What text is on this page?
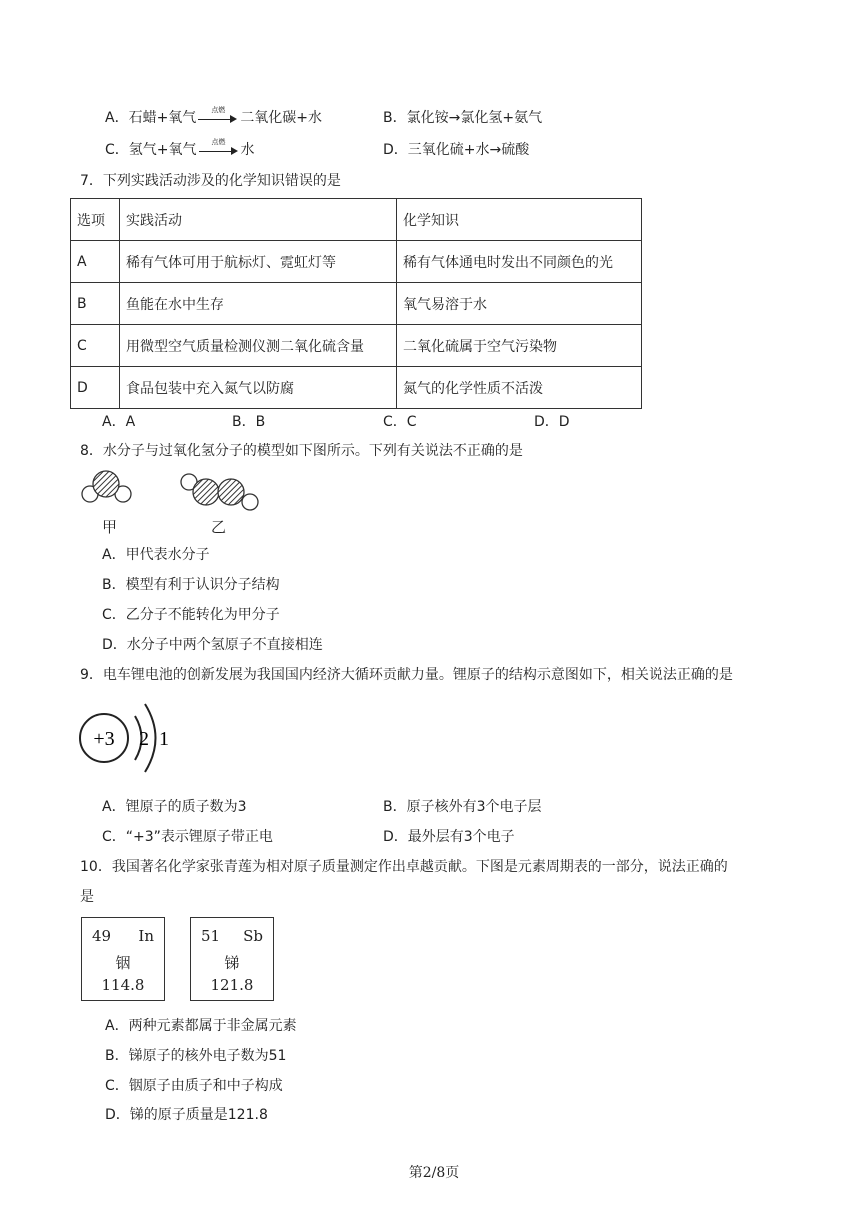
A．石蜡+氧气	点燃	二氧化碳+水	B．氯化铵→氯化氢+氨气
C．氢气+氧气	点燃	水	D．三氧化硫+水→硫酸
7．下列实践活动涉及的化学知识错误的是
选项	实践活动	化学知识
A	稀有气体可用于航标灯、霓虹灯等	稀有气体通电时发出不同颜色的光
B	鱼能在水中生存	氧气易溶于水
C	用微型空气质量检测仪测二氧化硫含量	二氧化硫属于空气污染物
D	食品包装中充入氮气以防腐	氮气的化学性质不活泼
A．A	B．B	C．C	D．D
8．水分子与过氧化氢分子的模型如下图所示。下列有关说法不正确的是
甲	乙
A．甲代表水分子
B．模型有利于认识分子结构
C．乙分子不能转化为甲分子
D．水分子中两个氢原子不直接相连
9．电车锂电池的创新发展为我国国内经济大循环贡献力量。锂原子的结构示意图如下，相关说法正确的是
+3 2 1
A．锂原子的质子数为3	B．原子核外有3个电子层
C．“+3”表示锂原子带正电	D．最外层有3个电子
10．我国著名化学家张青莲为相对原子质量测定作出卓越贡献。下图是元素周期表的一部分，说法正确的
是
49 In
铟
114.8
51 Sb
锑
121.8
A．两种元素都属于非金属元素
B．锑原子的核外电子数为51
C．铟原子由质子和中子构成
D．锑的原子质量是121.8
第2/8页
